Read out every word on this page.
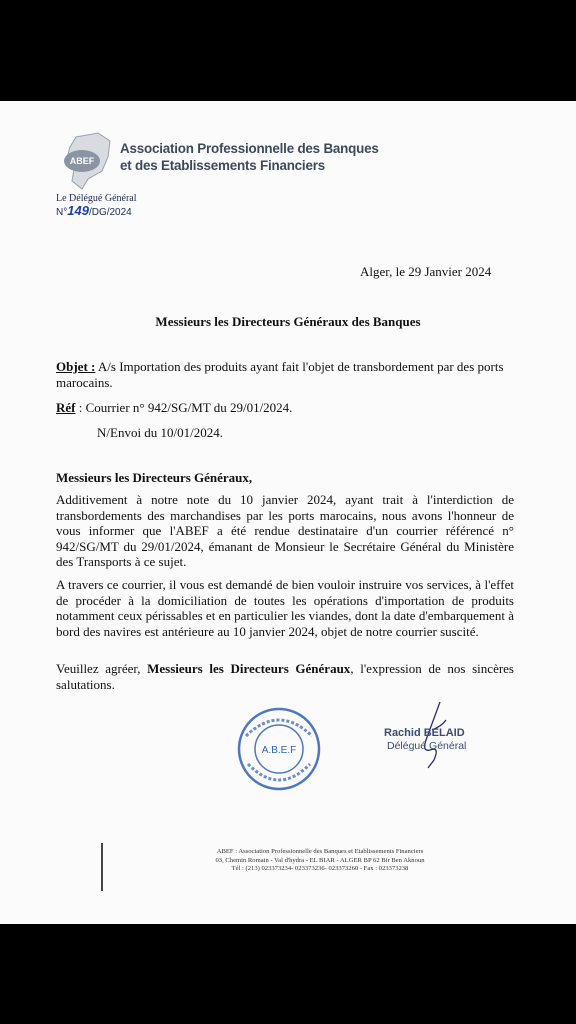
ABEF
Association Professionnelle des Banques
et des Etablissements Financiers
Le Délégué Général
N°149/DG/2024
Alger, le 29 Janvier 2024
Messieurs les Directeurs Généraux des Banques
Objet : A/s Importation des produits ayant fait l'objet de transbordement par des ports marocains.
Réf : Courrier n° 942/SG/MT du 29/01/2024.
N/Envoi du 10/01/2024.
Messieurs les Directeurs Généraux,
Additivement à notre note du 10 janvier 2024, ayant trait à l'interdiction de transbordements des marchandises par les ports marocains, nous avons l'honneur de vous informer que l'ABEF a été rendue destinataire d'un courrier référencé n° 942/SG/MT du 29/01/2024, émanant de Monsieur le Secrétaire Général du Ministère des Transports à ce sujet.
A travers ce courrier, il vous est demandé de bien vouloir instruire vos services, à l'effet de procéder à la domiciliation de toutes les opérations d'importation de produits notamment ceux périssables et en particulier les viandes, dont la date d'embarquement à bord des navires est antérieure au 10 janvier 2024, objet de notre courrier suscité.
Veuillez agréer, Messieurs les Directeurs Généraux, l'expression de nos sincères salutations.
A.B.E.F
Rachid BELAID
Délégué Général
ABEF : Association Professionnelle des Banques et Etablissements Financiers
03, Chemin Romain - Val d'hydra - EL BIAR - ALGER BP 62 Bir Ben Aknoun
Tél : (213) 023373234- 023373236- 023373260 - Fax : 023373238
